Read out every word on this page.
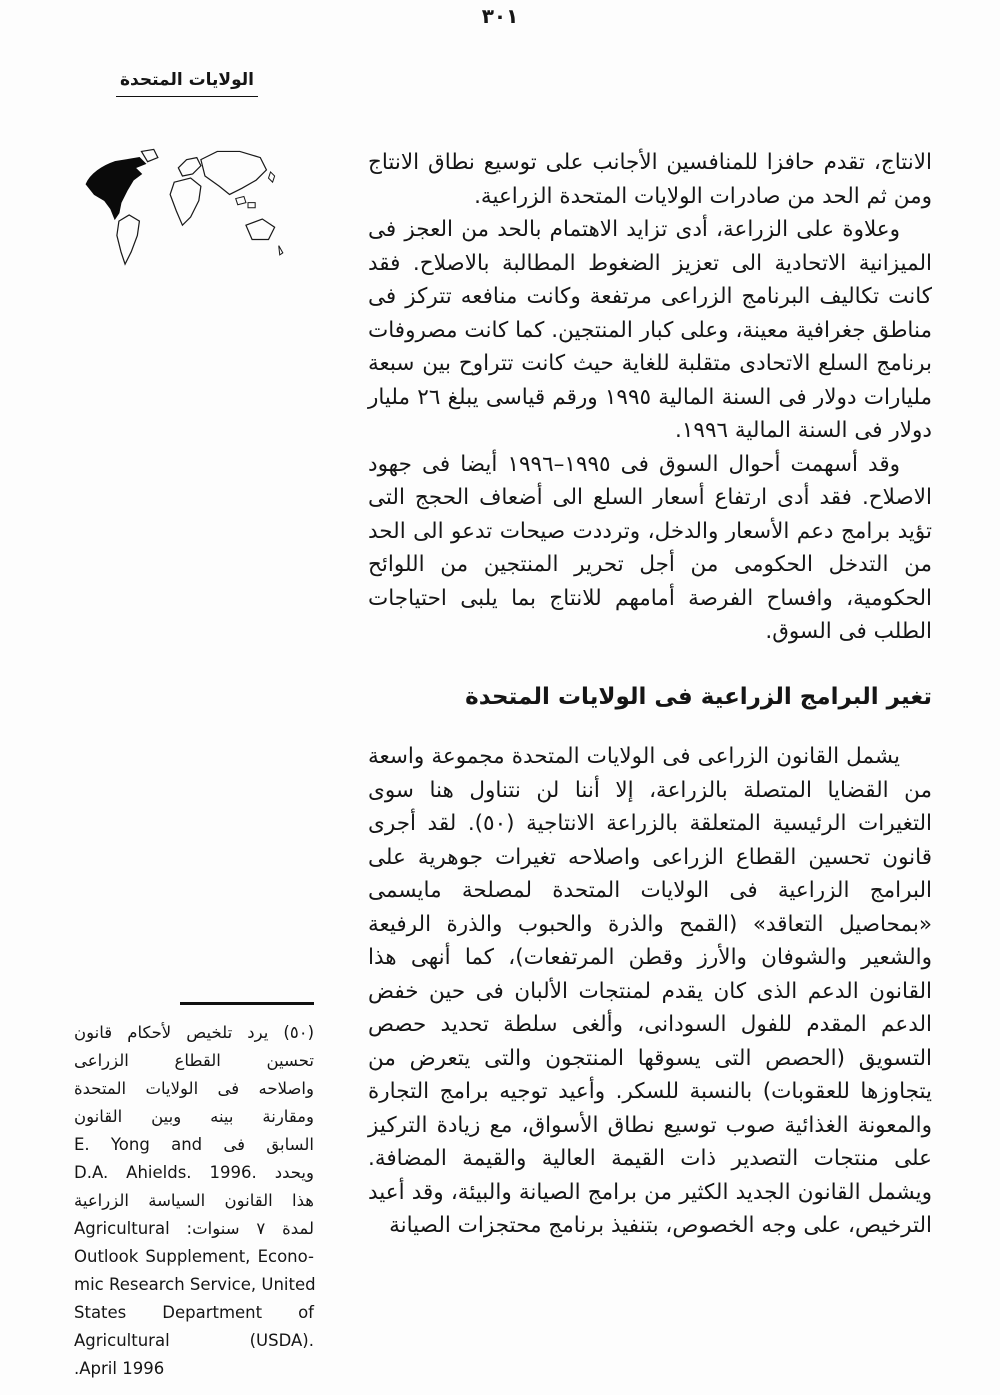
٣٠١
الولايات المتحدة

الانتاج، تقدم حافزا للمنافسين الأجانب على توسيع نطاق الانتاج ومن ثم الحد من صادرات الولايات المتحدة الزراعية.

وعلاوة على الزراعة، أدى تزايد الاهتمام بالحد من العجز فى الميزانية الاتحادية الى تعزيز الضغوط المطالبة بالاصلاح. فقد كانت تكاليف البرنامج الزراعى مرتفعة وكانت منافعه تتركز فى مناطق جغرافية معينة، وعلى كبار المنتجين. كما كانت مصروفات برنامج السلع الاتحادى متقلبة للغاية حيث كانت تتراوح بين سبعة مليارات دولار فى السنة المالية ١٩٩٥ ورقم قياسى يبلغ ٢٦ مليار دولار فى السنة المالية ١٩٩٦.

وقد أسهمت أحوال السوق فى ١٩٩٥–١٩٩٦ أيضا فى جهود الاصلاح. فقد أدى ارتفاع أسعار السلع الى أضعاف الحجج التى تؤيد برامج دعم الأسعار والدخل، وترددت صيحات تدعو الى الحد من التدخل الحكومى من أجل تحرير المنتجين من اللوائح الحكومية، وافساح الفرصة أمامهم للانتاج بما يلبى احتياجات الطلب فى السوق.

تغير البرامج الزراعية فى الولايات المتحدة

يشمل القانون الزراعى فى الولايات المتحدة مجموعة واسعة من القضايا المتصلة بالزراعة، إلا أننا لن نتناول هنا سوى التغيرات الرئيسية المتعلقة بالزراعة الانتاجية (٥٠). لقد أجرى قانون تحسين القطاع الزراعى واصلاحه تغيرات جوهرية على البرامج الزراعية فى الولايات المتحدة لمصلحة مايسمى «بمحاصيل التعاقد» (القمح والذرة والحبوب والذرة الرفيعة والشعير والشوفان والأرز وقطن المرتفعات)، كما أنهى هذا القانون الدعم الذى كان يقدم لمنتجات الألبان فى حين خفض الدعم المقدم للفول السودانى، وألغى سلطة تحديد حصص التسويق (الحصص التى يسوقها المنتجون والتى يتعرض من يتجاوزها للعقوبات) بالنسبة للسكر. وأعيد توجيه برامج التجارة والمعونة الغذائية صوب توسيع نطاق الأسواق، مع زيادة التركيز على منتجات التصدير ذات القيمة العالية والقيمة المضافة. ويشمل القانون الجديد الكثير من برامج الصيانة والبيئة، وقد أعيد الترخيص، على وجه الخصوص، بتنفيذ برنامج محتجزات الصيانة

(٥٠) يرد تلخيص لأحكام قانون
تحسين القطاع الزراعى
واصلاحه فى الولايات المتحدة
ومقارنة بينه وبين القانون
السابق فى E. Yong and
D.A. Ahields. 1996. ويحدد
هذا القانون السياسة الزراعية
لمدة ٧ سنوات: Agricultural
Outlook Supplement, Econo-
mic Research Service, United
States Department of
Agricultural (USDA).
April 1996.
